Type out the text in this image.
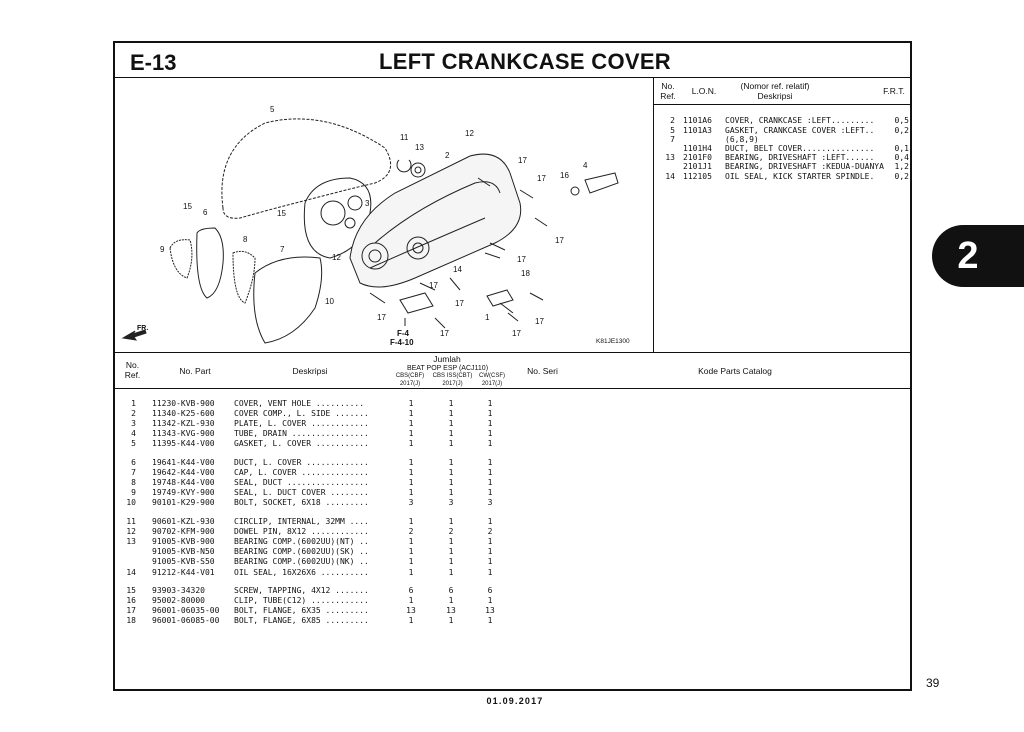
E-13	LEFT CRANKCASE COVER
No.
Ref.	L.O.N.	(Nomor ref. relatif)
Deskripsi	F.R.T.
2 1101A6	COVER, CRANKCASE :LEFT.........	0,5
5 1101A3	GASKET, CRANKCASE COVER :LEFT..	0,2
7	(6,8,9)
1101H4	DUCT, BELT COVER...............	0,1
13 2101F0	BEARING, DRIVESHAFT :LEFT......	0,4
2101J1	BEARING, DRIVESHAFT :KEDUA-DUANYA	1,2
14 112105	OIL SEAL, KICK STARTER SPINDLE.	0,2
5
11
13
12
2
17
4
16
17
3
15
6	15
8
7
9
12
14	18
17
17
10
17
17
17	1	17
17	17
F-4
F-4-10
FR.
K81JE1300
No.
Ref.	No. Part	Deskripsi
Jumlah
BEAT POP ESP (ACJ110)
CBS(CBF)
2017(J)
CBS ISS(CBT)
2017(J)
CW(CSF)
2017(J)
No. Seri	Kode Parts Catalog
1 11230-KVB-900	COVER, VENT HOLE ..........	1	1	1
2 11340-K25-600	COVER COMP., L. SIDE .......	1	1	1
3 11342-KZL-930	PLATE, L. COVER ............	1	1	1
4 11343-KVG-900	TUBE, DRAIN ................	1	1	1
5 11395-K44-V00	GASKET, L. COVER ...........	1	1	1
6 19641-K44-V00	DUCT, L. COVER .............	1	1	1
7 19642-K44-V00	CAP, L. COVER ..............	1	1	1
8 19748-K44-V00	SEAL, DUCT .................	1	1	1
9 19749-KVY-900	SEAL, L. DUCT COVER ........	1	1	1
10 90101-K29-900	BOLT, SOCKET, 6X18 .........	3	3	3
11 90601-KZL-930	CIRCLIP, INTERNAL, 32MM ....	1	1	1
12 90702-KFM-900	DOWEL PIN, 8X12 ............	2	2	2
13 91005-KVB-900	BEARING COMP.(6002UU)(NT) ..	1	1	1
91005-KVB-N50	BEARING COMP.(6002UU)(SK) ..	1	1	1
91005-KVB-S50	BEARING COMP.(6002UU)(NK) ..	1	1	1
14 91212-K44-V01	OIL SEAL, 16X26X6 ..........	1	1	1
15 93903-34320	SCREW, TAPPING, 4X12 .......	6	6	6
16 95002-80000	CLIP, TUBE(C12) ............	1	1	1
17 96001-06035-00	BOLT, FLANGE, 6X35 .........	13	13	13
18 96001-06085-00	BOLT, FLANGE, 6X85 .........	1	1	1
2
39
01.09.2017
